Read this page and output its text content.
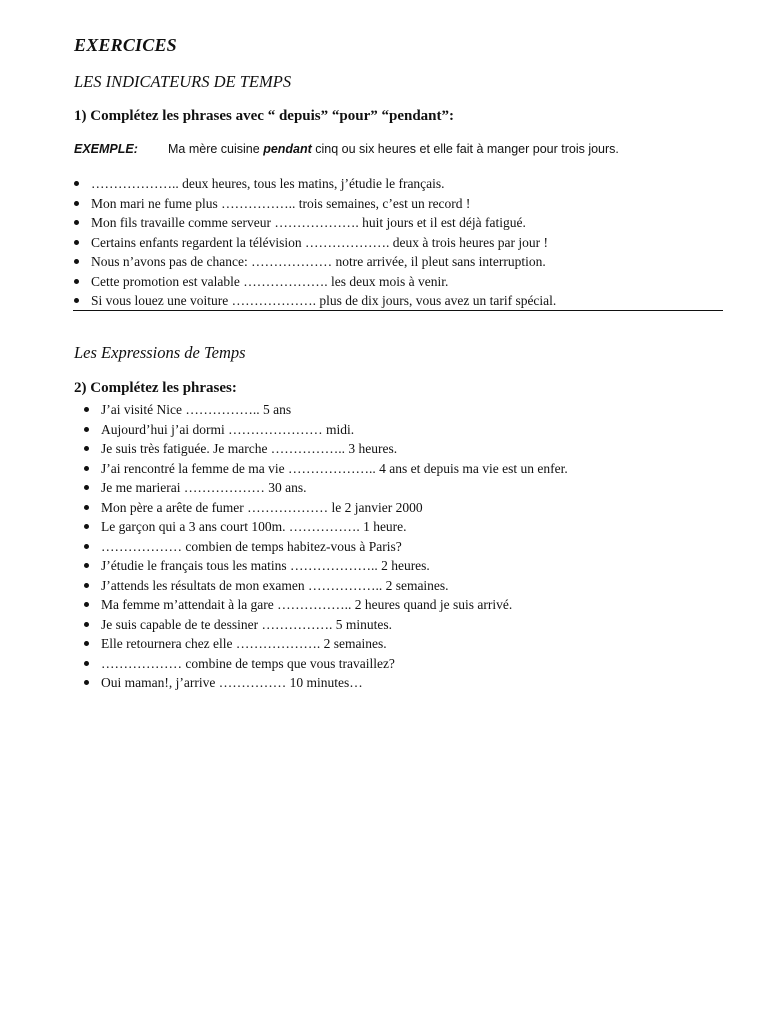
EXERCICES
LES INDICATEURS DE TEMPS
1) Complétez les phrases avec “ depuis” “pour” “pendant”:
EXEMPLE: Ma mère cuisine pendant cinq ou six heures et elle fait à manger pour trois jours.
……………….. deux heures, tous les matins, j’étudie le français.
Mon mari ne fume plus …………….. trois semaines, c’est un record !
Mon fils travaille comme serveur ………………. huit jours et il est déjà fatigué.
Certains enfants regardent la télévision ………………. deux à trois heures par jour !
Nous n’avons pas de chance: ……………… notre arrivée, il pleut sans interruption.
Cette promotion est valable ………………. les deux mois à venir.
Si vous louez une voiture ………………. plus de dix jours, vous avez un tarif spécial.
Les Expressions de Temps
2) Complétez les phrases:
J’ai visité Nice …………….. 5 ans
Aujourd’hui j’ai dormi ………………… midi.
Je suis très fatiguée. Je marche …………….. 3 heures.
J’ai rencontré la femme de ma vie ……………….. 4 ans et depuis ma vie est un enfer.
Je me marierai ……………… 30 ans.
Mon père a arête de fumer ……………… le 2 janvier 2000
Le garçon qui a 3 ans court 100m. ……………. 1 heure.
……………… combien de temps habitez-vous à Paris?
J’étudie le français tous les matins ……………….. 2 heures.
J’attends les résultats de mon examen …………….. 2 semaines.
Ma femme m’attendait à la gare …………….. 2 heures quand je suis arrivé.
Je suis capable de te dessiner ……………. 5 minutes.
Elle retournera chez elle ………………. 2 semaines.
……………… combine de temps que vous travaillez?
Oui maman!, j’arrive …………… 10 minutes…
